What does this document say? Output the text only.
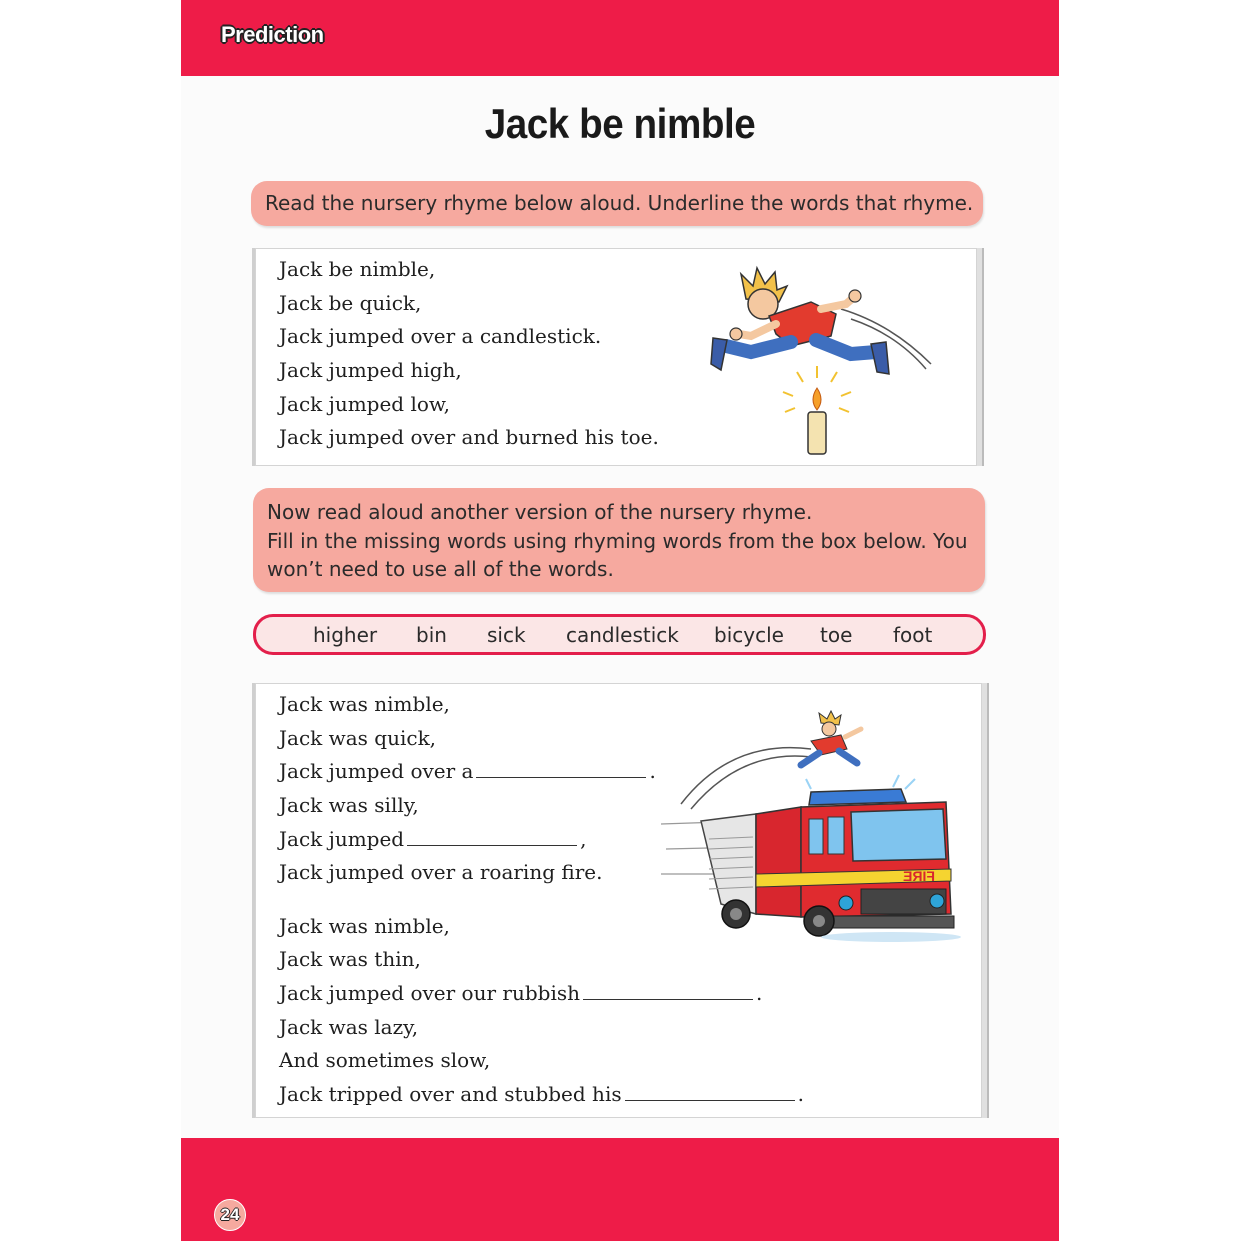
Prediction
Jack be nimble
Read the nursery rhyme below aloud. Underline the words that rhyme.
Jack be nimble,
Jack be quick,
Jack jumped over a candlestick.
Jack jumped high,
Jack jumped low,
Jack jumped over and burned his toe.
Now read aloud another version of the nursery rhyme.
Fill in the missing words using rhyming words from the box below. You
won’t need to use all of the words.
higher bin sick candlestick bicycle toe foot
Jack was nimble,
Jack was quick,
Jack jumped over a	.
Jack was silly,
Jack jumped	,
Jack jumped over a roaring fire.
Jack was nimble,
Jack was thin,
Jack jumped over our rubbish	.
Jack was lazy,
And sometimes slow,
Jack tripped over and stubbed his	.
FIRE
24
